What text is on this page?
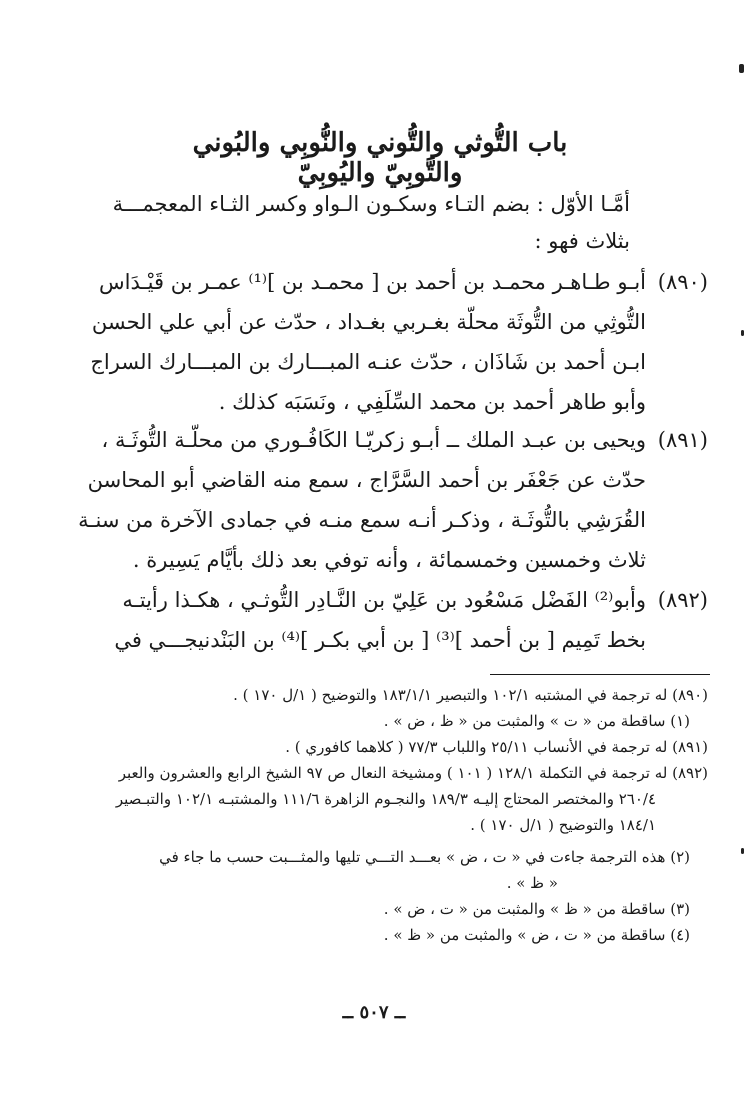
باب التُّوثي والتُّوني والنُّوبِي والبُوني والتَّوبِيّ واليُوبِيّ
أمَّـا الأوّل : بضم التـاء وسكـون الـواو وكسر الثـاء المعجمـــة
بثلاث فهو :
(٨٩٠)أبـو طـاهـر محمـد بن أحمد بن [ محمـد بن ]⁽¹⁾ عمـر بن قَيْـدَاس
التُّوثِي من التُّوثَة محلّة بغـربي بغـداد ، حدّث عن أبي علي الحسن
ابـن أحمد بن شَاذَان ، حدّث عنـه المبـــارك بن المبـــارك السراج
وأبو طاهر أحمد بن محمد السِّلَفِي ، ونَسَبَه كذلك .
(٨٩١)ويحيى بن عبـد الملك ــ أبـو زكريّـا الكَافُـوري من محلّـة التُّوثَـة ،
حدّث عن جَعْفَر بن أحمد السَّرَّاج ، سمع منه القاضي أبو المحاسن
القُرَشِي بالتُّوثَـة ، وذكـر أنـه سمع منـه في جمادى الآخرة من سنـة
ثلاث وخمسين وخمسمائة ، وأنه توفي بعد ذلك بأيَّام يَسِيرة .
(٨٩٢)وأبو⁽²⁾ الفَضْل مَسْعُود بن عَلِيّ بن النَّـادِر التُّوثـي ، هكـذا رأيتـه
بخط تَمِيم [ بن أحمد ]⁽³⁾ [ بن أبي بكـر ]⁽⁴⁾ بن البَنْدنيجـــي في
(٨٩٠) له ترجمة في المشتبه ١٠٢/١ والتبصير ١٨٣/١/١ والتوضيح ( ١/ل ١٧٠ ) .
(١) ساقطة من « ت » والمثبت من « ظ ، ض » .
(٨٩١) له ترجمة في الأنساب ٢٥/١١ واللباب ٧٧/٣ ( كلاهما كافوري ) .
(٨٩٢) له ترجمة في التكملة ١٢٨/١ ( ١٠١ ) ومشيخة النعال ص ٩٧ الشيخ الرابع والعشرون والعبر
٢٦٠/٤ والمختصر المحتاج إليـه ١٨٩/٣ والنجـوم الزاهرة ١١١/٦ والمشتبـه ١٠٢/١ والتبـصير
١٨٤/١ والتوضيح ( ١/ل ١٧٠ ) .
(٢) هذه الترجمة جاءت في « ت ، ض » بعـــد التـــي تليها والمثـــبت حسب ما جاء في
« ظ » .
(٣) ساقطة من « ظ » والمثبت من « ت ، ض » .
(٤) ساقطة من « ت ، ض » والمثبت من « ظ » .
ــ ٥٠٧ ــ
